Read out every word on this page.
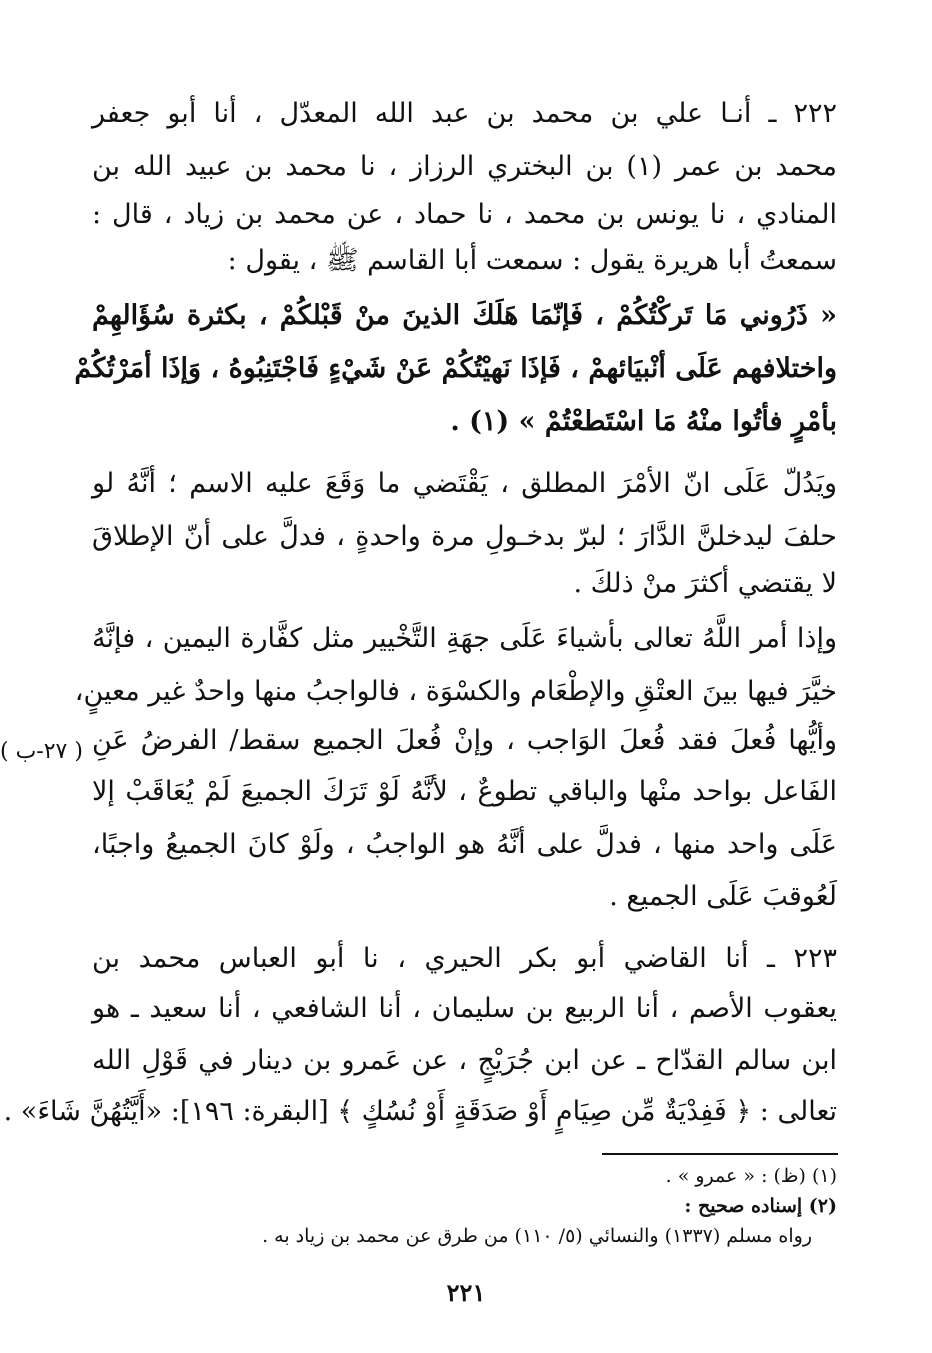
٢٢٢ ـ أنـا علي بن محمد بن عبد الله المعدّل ، أنا أبو جعفر
محمد بن عمر (١) بن البختري الرزاز ، نا محمد بن عبيد الله بن
المنادي ، نا يونس بن محمد ، نا حماد ، عن محمد بن زياد ، قال :
سمعتُ أبا هريرة يقول : سمعت أبا القاسم ﷺ ، يقول :
« ذَرُوني مَا تَركْتُكُمْ ، فَإنّمَا هَلَكَ الذينَ منْ قَبْلكُمْ ، بكثرة سُؤَالهِمْ
واختلافهم عَلَى أنْبيَائهمْ ، فَإذَا نَهيْتُكُمْ عَنْ شَيْءٍ فَاجْتَنِبُوهُ ، وَإذَا أمَرْتُكُمْ
بأمْرٍ فأتُوا منْهُ مَا اسْتَطعْتُمْ » (١) .
ويَدُلّ عَلَى انّ الأمْرَ المطلق ، يَقْتَضي ما وَقَعَ عليه الاسم ؛ أنَّهُ لو
حلفَ ليدخلنَّ الدَّارَ ؛ لبرّ بدخـولِ مرة واحدةٍ ، فدلَّ على أنّ الإطلاقَ
لا يقتضي أكثرَ منْ ذلكَ .
وإذا أمر اللَّهُ تعالى بأشياءَ عَلَى جهَةِ التَّخْيير مثل كفَّارة اليمين ، فإنَّهُ
خيَّرَ فيها بينَ العتْقِ والإطْعَام والكسْوَة ، فالواجبُ منها واحدٌ غير معينٍ،
وأيُّها فُعلَ فقد فُعلَ الوَاجب ، وإنْ فُعلَ الجميع سقط/ الفرضُ عَنِ
الفَاعل بواحد منْها والباقي تطوعٌ ، لأنَّهُ لَوْ تَرَكَ الجميعَ لَمْ يُعَاقَبْ إلا
عَلَى واحد منها ، فدلَّ على أنَّهُ هو الواجبُ ، ولَوْ كانَ الجميعُ واجبًا،
لَعُوقبَ عَلَى الجميع .
٢٢٣ ـ أنا القاضي أبو بكر الحيري ، نا أبو العباس محمد بن
يعقوب الأصم ، أنا الربيع بن سليمان ، أنا الشافعي ، أنا سعيد ـ هو
ابن سالم القدّاح ـ عن ابن جُرَيْجٍ ، عن عَمرو بن دينار في قَوْلِ الله
تعالى : ﴿ فَفِدْيَةٌ مِّن صِيَامٍ أَوْ صَدَقَةٍ أَوْ نُسُكٍ ﴾ [البقرة: ١٩٦]: «أَيَّتُهُنَّ شَاءَ» .
( ٢٧-ب )
(١) (ظ) : « عمرو » .
(٢) إسناده صحيح :
رواه مسلم (١٣٣٧) والنسائي (٥/ ١١٠) من طرق عن محمد بن زياد به .
٢٢١
